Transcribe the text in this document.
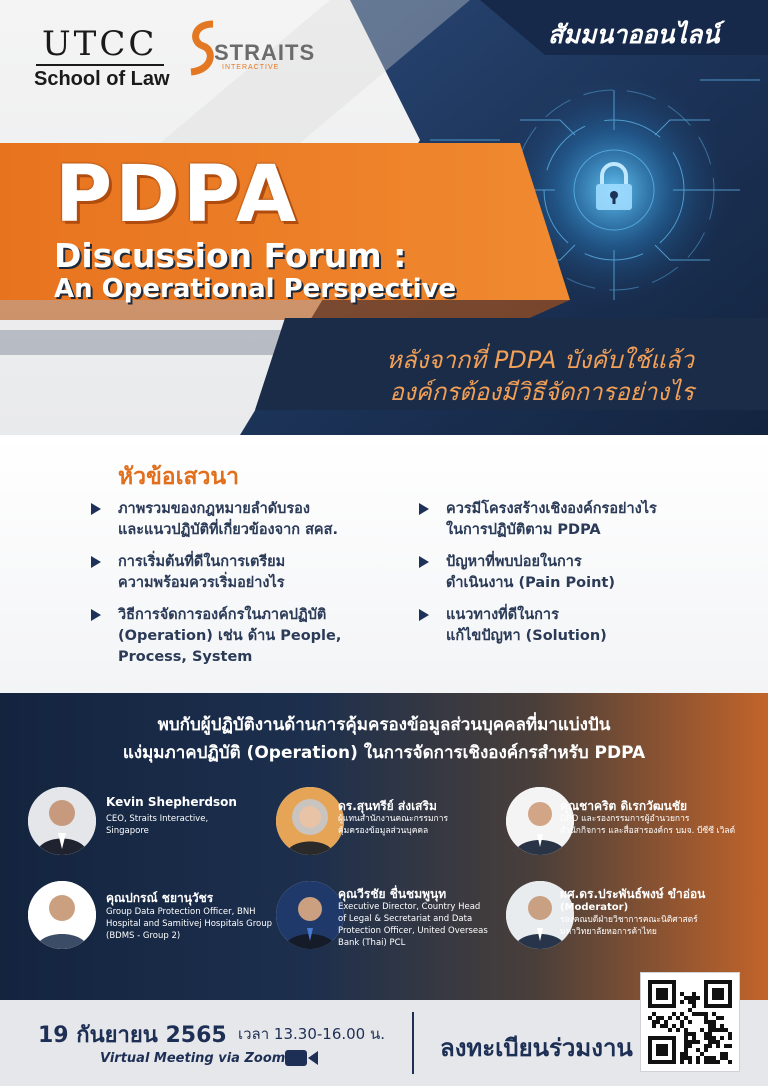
UTCC
School of Law
STRAITS
INTERACTIVE
สัมมนาออนไลน์
PDPA
Discussion Forum :
An Operational Perspective
หลังจากที่ PDPA บังคับใช้แล้ว
องค์กรต้องมีวิธีจัดการอย่างไร
หัวข้อเสวนา
ภาพรวมของกฎหมายลำดับรอง
และแนวปฏิบัติที่เกี่ยวข้องจาก สคส.
การเริ่มต้นที่ดีในการเตรียม
ความพร้อมควรเริ่มอย่างไร
วิธีการจัดการองค์กรในภาคปฏิบัติ
(Operation) เช่น ด้าน People,
Process, System
ควรมีโครงสร้างเชิงองค์กรอย่างไร
ในการปฏิบัติตาม PDPA
ปัญหาที่พบบ่อยในการ
ดำเนินงาน (Pain Point)
แนวทางที่ดีในการ
แก้ไขปัญหา (Solution)
พบกับผู้ปฏิบัติงานด้านการคุ้มครองข้อมูลส่วนบุคคลที่มาแบ่งปัน
แง่มุมภาคปฏิบัติ (Operation) ในการจัดการเชิงองค์กรสำหรับ PDPA
Kevin Shepherdson
CEO, Straits Interactive,
Singapore
ดร.สุนทรีย์ ส่งเสริม
ผู้แทนสำนักงานคณะกรรมการ
คุ้มครองข้อมูลส่วนบุคคล
คุณชาคริต ดิเรกวัฒนชัย
DPO และรองกรรมการผู้อำนวยการ
สำนักกิจการ และสื่อสารองค์กร บมจ. บีซีซี เวิลด์
คุณปกรณ์ ชยานุวัชร
Group Data Protection Officer, BNH
Hospital and Samitivej Hospitals Group
(BDMS - Group 2)
คุณวีรชัย ชื่นชมพูนุท
Executive Director, Country Head
of Legal & Secretariat and Data
Protection Officer, United Overseas
Bank (Thai) PCL
ผศ.ดร.ประพันธ์พงษ์ ขำอ่อน
(Moderator)
รองคณบดีฝ่ายวิชาการคณะนิติศาสตร์
มหาวิทยาลัยหอการค้าไทย
19 กันยายน 2565 เวลา 13.30-16.00 น.
Virtual Meeting via Zoom	ลงทะเบียนร่วมงาน
